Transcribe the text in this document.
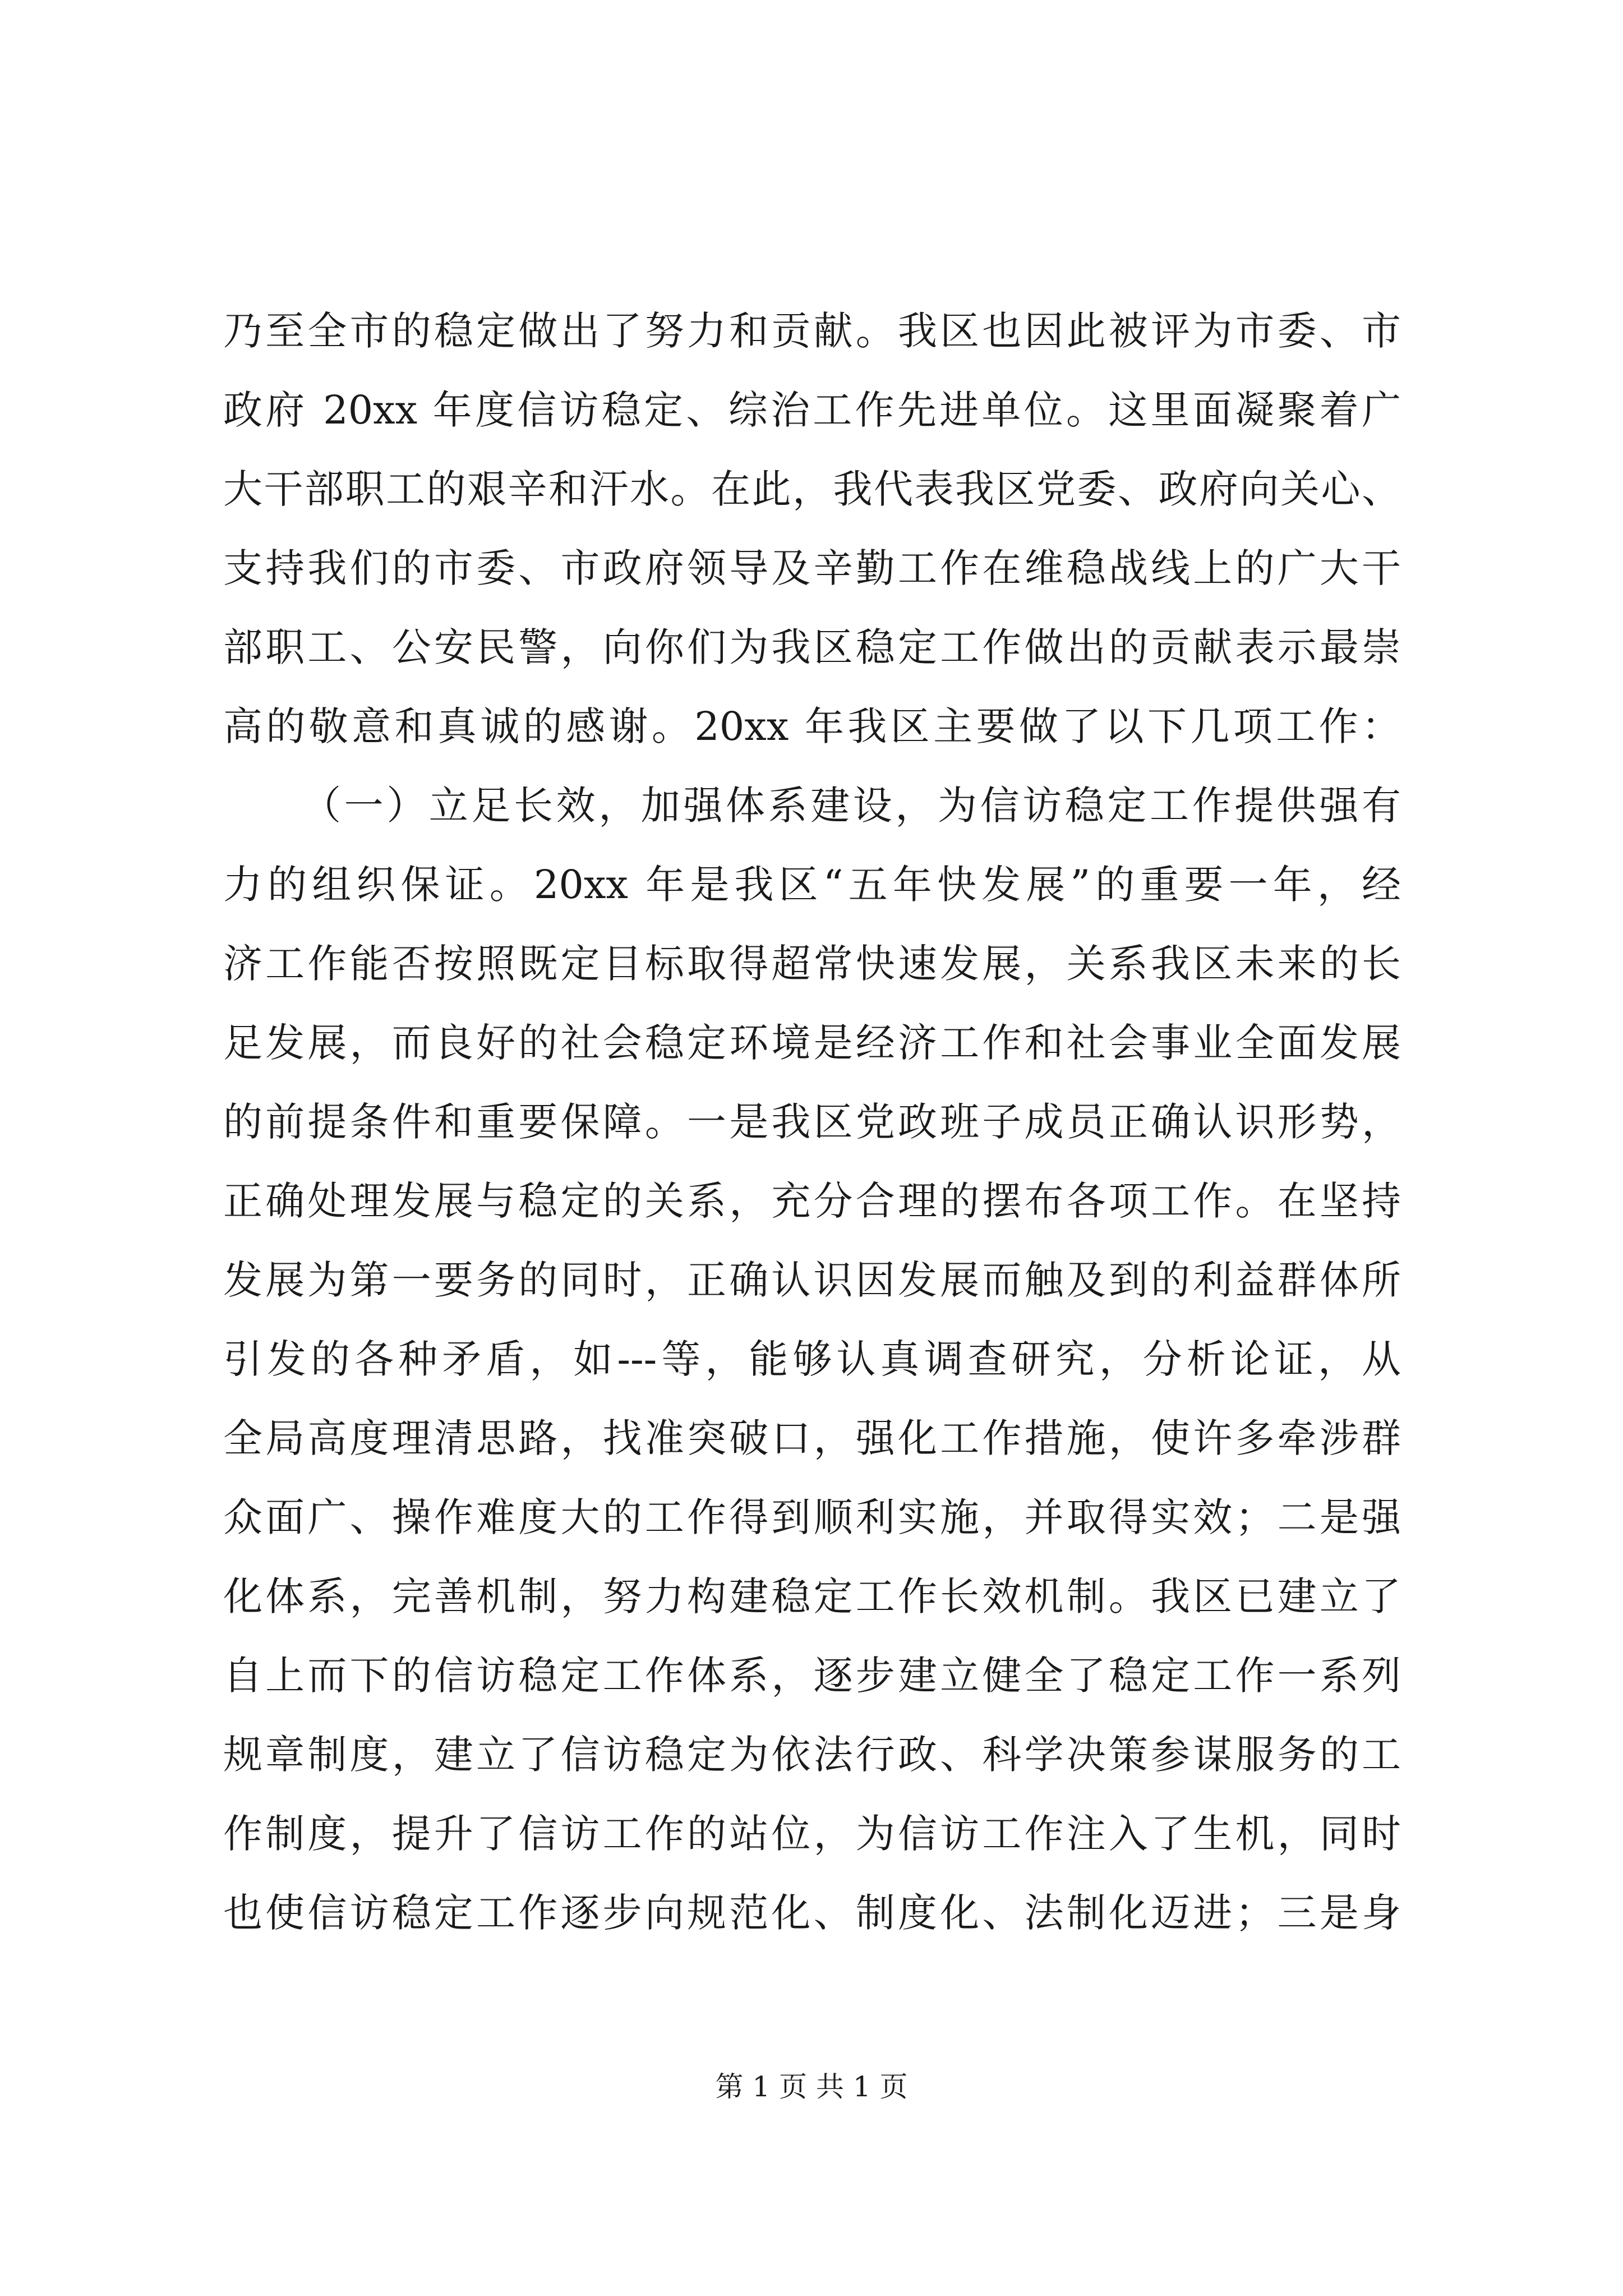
乃至全市的稳定做出了努力和贡献。我区也因此被评为市委、市
政府 20xx 年度信访稳定、综治工作先进单位。这里面凝聚着广
大干部职工的艰辛和汗水。在此，我代表我区党委、政府向关心、
支持我们的市委、市政府领导及辛勤工作在维稳战线上的广大干
部职工、公安民警，向你们为我区稳定工作做出的贡献表示最崇
高的敬意和真诚的感谢。20xx 年我区主要做了以下几项工作：
（一）立足长效，加强体系建设，为信访稳定工作提供强有
力的组织保证。20xx 年是我区“五年快发展”的重要一年，经
济工作能否按照既定目标取得超常快速发展，关系我区未来的长
足发展，而良好的社会稳定环境是经济工作和社会事业全面发展
的前提条件和重要保障。一是我区党政班子成员正确认识形势，
正确处理发展与稳定的关系，充分合理的摆布各项工作。在坚持
发展为第一要务的同时，正确认识因发展而触及到的利益群体所
引发的各种矛盾，如---等，能够认真调查研究，分析论证，从
全局高度理清思路，找准突破口，强化工作措施，使许多牵涉群
众面广、操作难度大的工作得到顺利实施，并取得实效；二是强
化体系，完善机制，努力构建稳定工作长效机制。我区已建立了
自上而下的信访稳定工作体系，逐步建立健全了稳定工作一系列
规章制度，建立了信访稳定为依法行政、科学决策参谋服务的工
作制度，提升了信访工作的站位，为信访工作注入了生机，同时
也使信访稳定工作逐步向规范化、制度化、法制化迈进；三是身
第 1 页 共 1 页
